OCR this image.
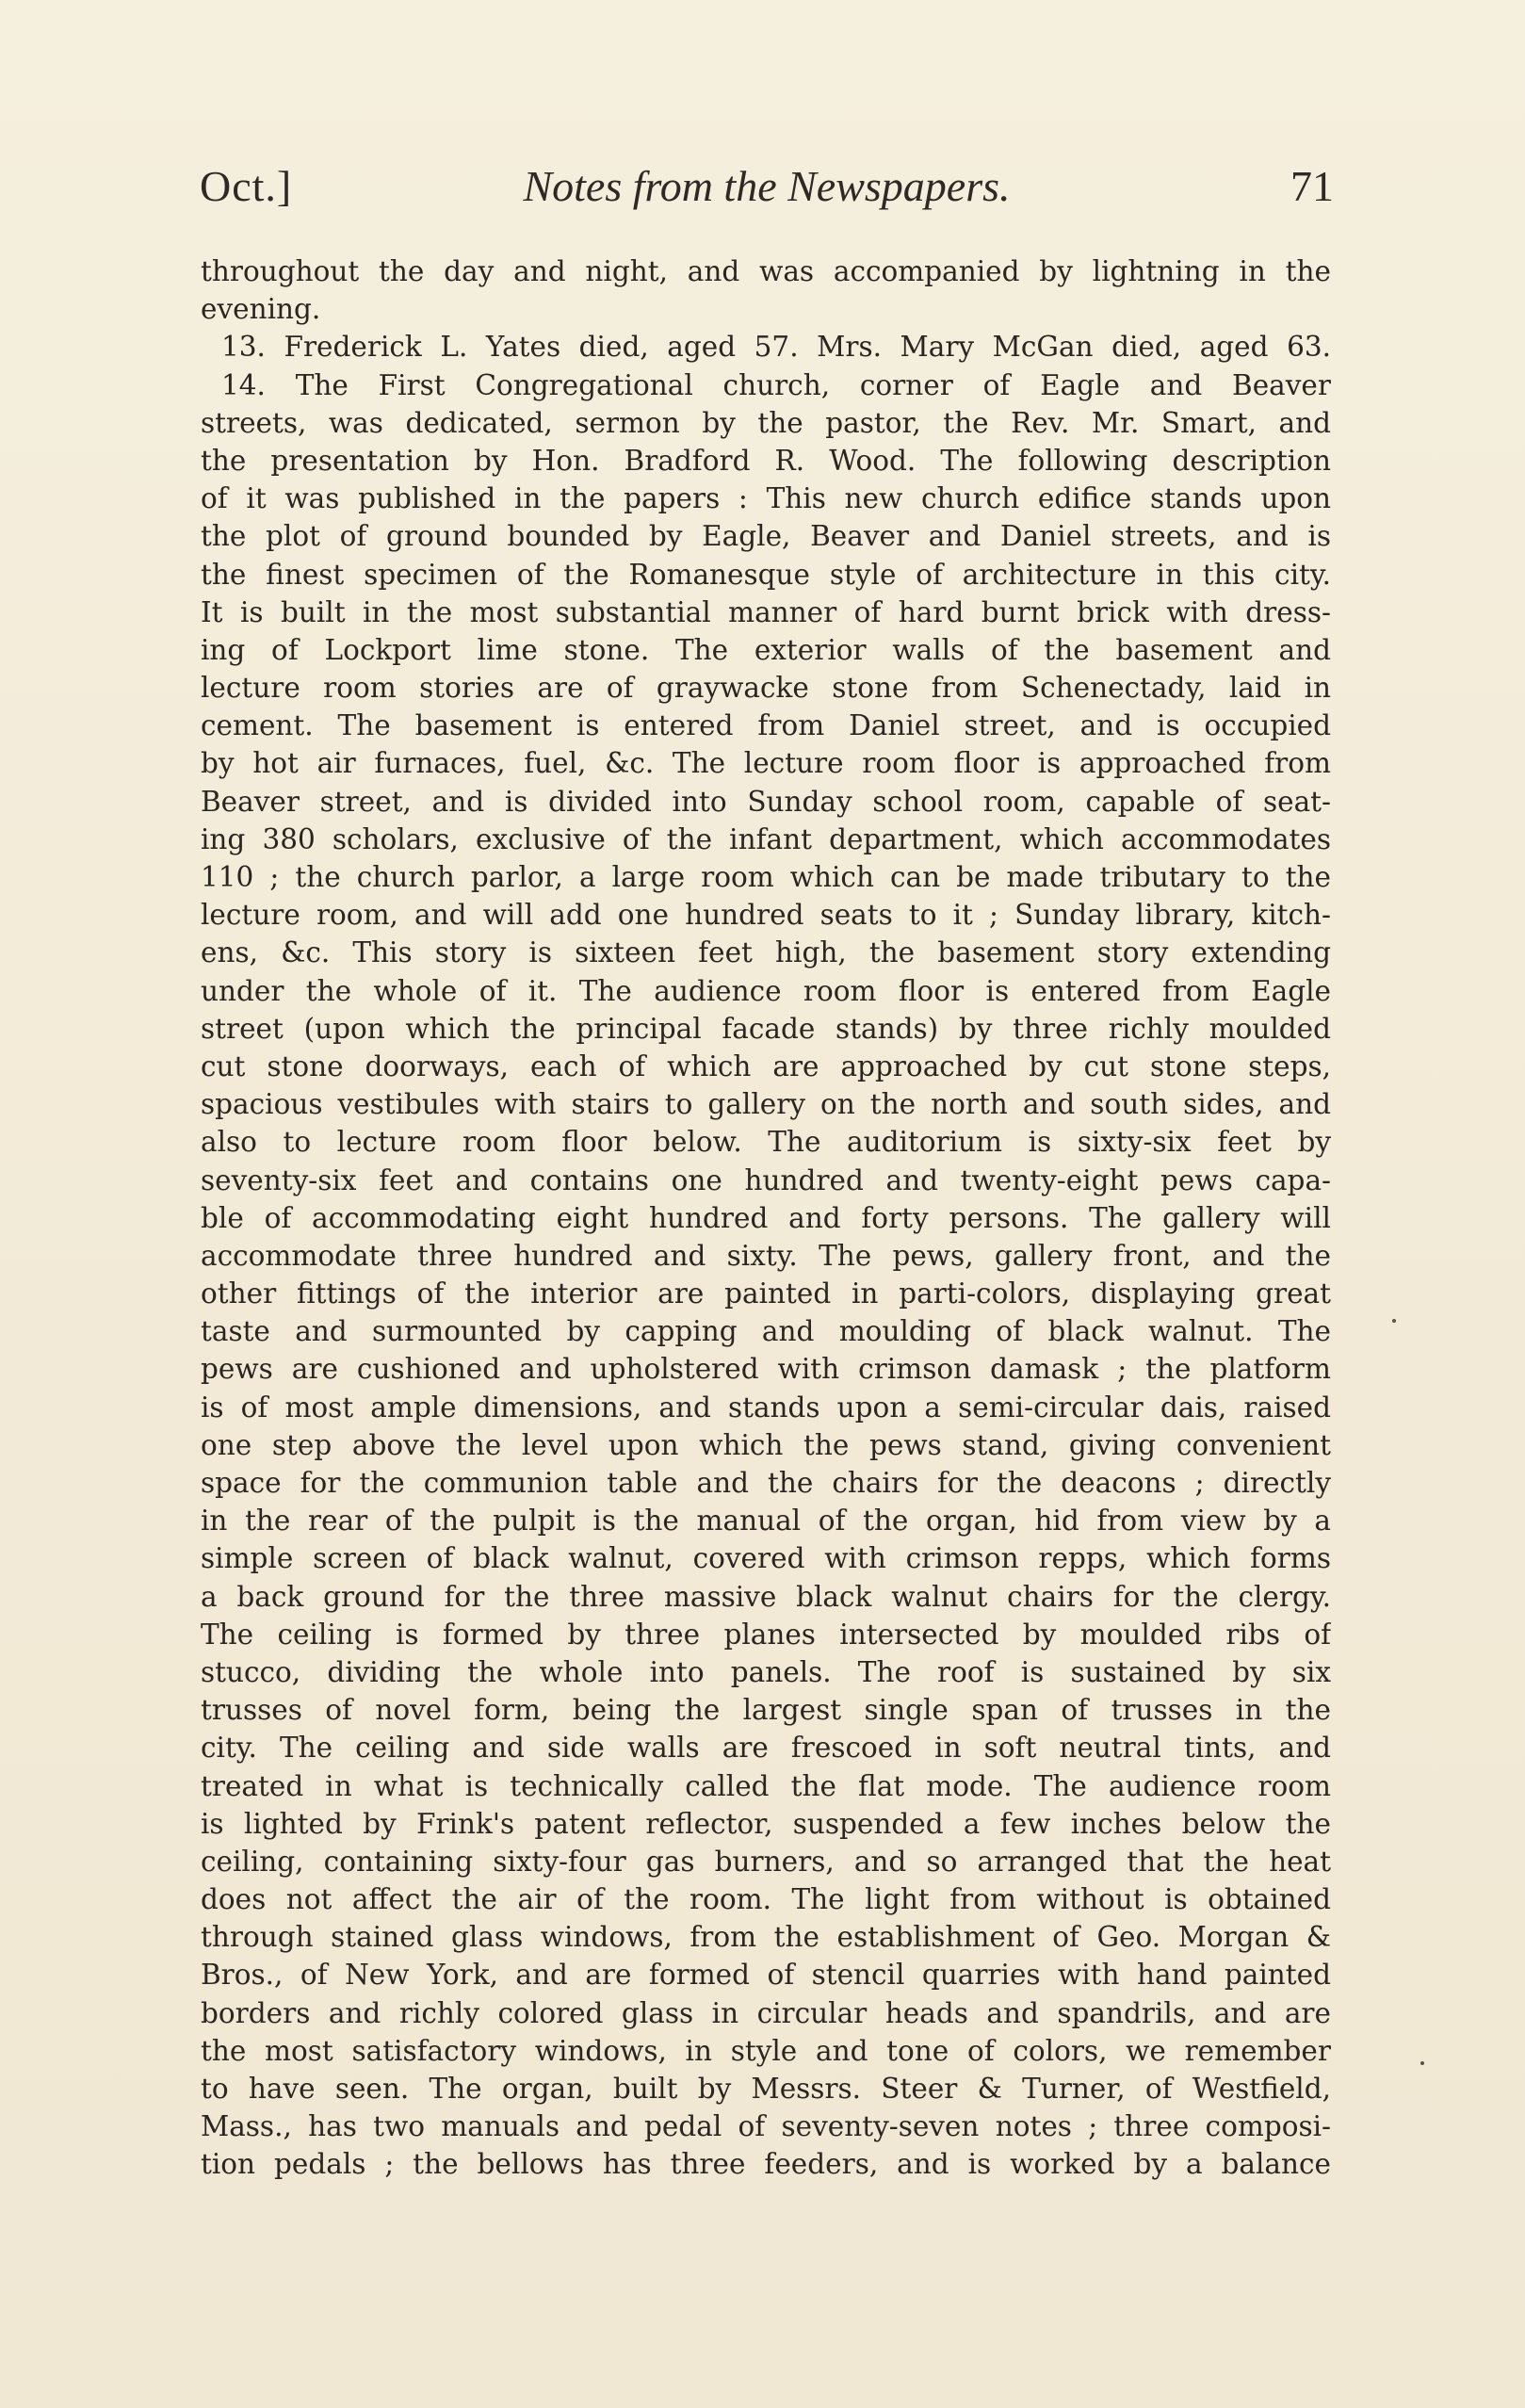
Oct.]	Notes from the Newspapers.	71
throughout the day and night, and was accompanied by lightning in the
evening.
13. Frederick L. Yates died, aged 57. Mrs. Mary McGan died, aged 63.
14. The First Congregational church, corner of Eagle and Beaver
streets, was dedicated, sermon by the pastor, the Rev. Mr. Smart, and
the presentation by Hon. Bradford R. Wood. The following description
of it was published in the papers : This new church edifice stands upon
the plot of ground bounded by Eagle, Beaver and Daniel streets, and is
the finest specimen of the Romanesque style of architecture in this city.
It is built in the most substantial manner of hard burnt brick with dress-
ing of Lockport lime stone. The exterior walls of the basement and
lecture room stories are of graywacke stone from Schenectady, laid in
cement. The basement is entered from Daniel street, and is occupied
by hot air furnaces, fuel, &c. The lecture room floor is approached from
Beaver street, and is divided into Sunday school room, capable of seat-
ing 380 scholars, exclusive of the infant department, which accommodates
110 ; the church parlor, a large room which can be made tributary to the
lecture room, and will add one hundred seats to it ; Sunday library, kitch-
ens, &c. This story is sixteen feet high, the basement story extending
under the whole of it. The audience room floor is entered from Eagle
street (upon which the principal facade stands) by three richly moulded
cut stone doorways, each of which are approached by cut stone steps,
spacious vestibules with stairs to gallery on the north and south sides, and
also to lecture room floor below. The auditorium is sixty-six feet by
seventy-six feet and contains one hundred and twenty-eight pews capa-
ble of accommodating eight hundred and forty persons. The gallery will
accommodate three hundred and sixty. The pews, gallery front, and the
other fittings of the interior are painted in parti-colors, displaying great
taste and surmounted by capping and moulding of black walnut. The
pews are cushioned and upholstered with crimson damask ; the platform
is of most ample dimensions, and stands upon a semi-circular dais, raised
one step above the level upon which the pews stand, giving convenient
space for the communion table and the chairs for the deacons ; directly
in the rear of the pulpit is the manual of the organ, hid from view by a
simple screen of black walnut, covered with crimson repps, which forms
a back ground for the three massive black walnut chairs for the clergy.
The ceiling is formed by three planes intersected by moulded ribs of
stucco, dividing the whole into panels. The roof is sustained by six
trusses of novel form, being the largest single span of trusses in the
city. The ceiling and side walls are frescoed in soft neutral tints, and
treated in what is technically called the flat mode. The audience room
is lighted by Frink's patent reflector, suspended a few inches below the
ceiling, containing sixty-four gas burners, and so arranged that the heat
does not affect the air of the room. The light from without is obtained
through stained glass windows, from the establishment of Geo. Morgan &
Bros., of New York, and are formed of stencil quarries with hand painted
borders and richly colored glass in circular heads and spandrils, and are
the most satisfactory windows, in style and tone of colors, we remember
to have seen. The organ, built by Messrs. Steer & Turner, of Westfield,
Mass., has two manuals and pedal of seventy-seven notes ; three composi-
tion pedals ; the bellows has three feeders, and is worked by a balance
